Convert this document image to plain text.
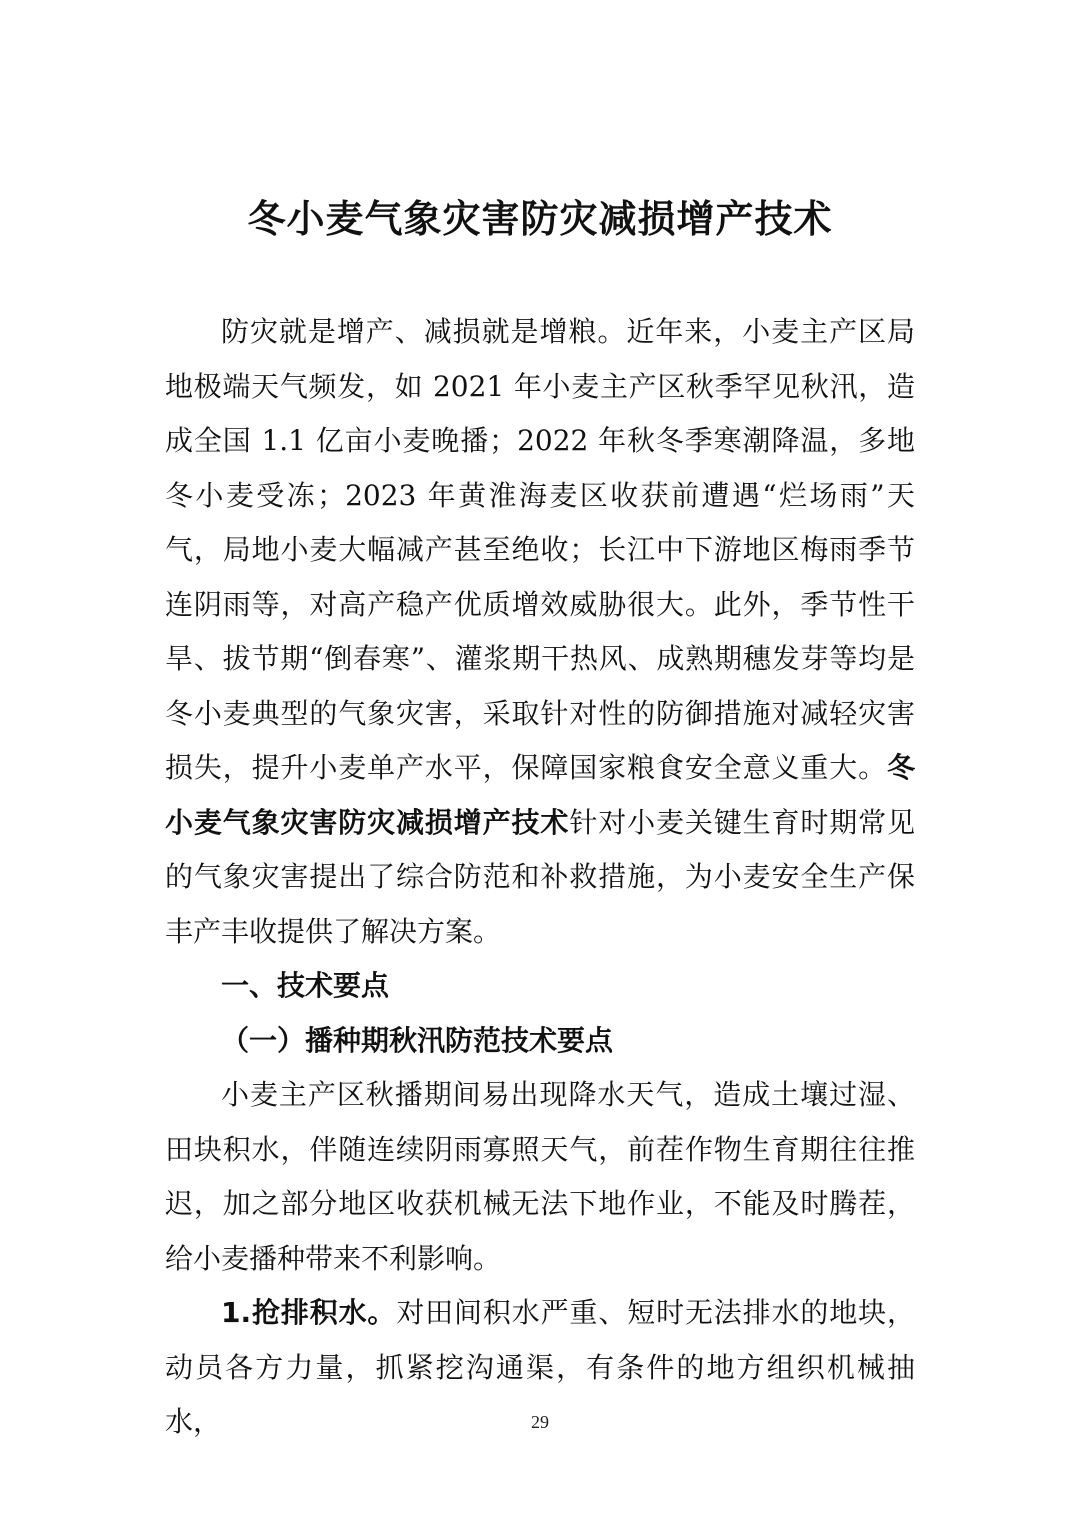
冬小麦气象灾害防灾减损增产技术

防灾就是增产、减损就是增粮。近年来，小麦主产区局地极端天气频发，如 2021 年小麦主产区秋季罕见秋汛，造成全国 1.1 亿亩小麦晚播；2022 年秋冬季寒潮降温，多地冬小麦受冻；2023 年黄淮海麦区收获前遭遇“烂场雨”天气，局地小麦大幅减产甚至绝收；长江中下游地区梅雨季节连阴雨等，对高产稳产优质增效威胁很大。此外，季节性干旱、拔节期“倒春寒”、灌浆期干热风、成熟期穗发芽等均是冬小麦典型的气象灾害，采取针对性的防御措施对减轻灾害损失，提升小麦单产水平，保障国家粮食安全意义重大。冬小麦气象灾害防灾减损增产技术针对小麦关键生育时期常见的气象灾害提出了综合防范和补救措施，为小麦安全生产保丰产丰收提供了解决方案。

一、技术要点

（一）播种期秋汛防范技术要点

小麦主产区秋播期间易出现降水天气，造成土壤过湿、田块积水，伴随连续阴雨寡照天气，前茬作物生育期往往推迟，加之部分地区收获机械无法下地作业，不能及时腾茬，给小麦播种带来不利影响。

1.抢排积水。对田间积水严重、短时无法排水的地块，动员各方力量，抓紧挖沟通渠，有条件的地方组织机械抽水，	29
